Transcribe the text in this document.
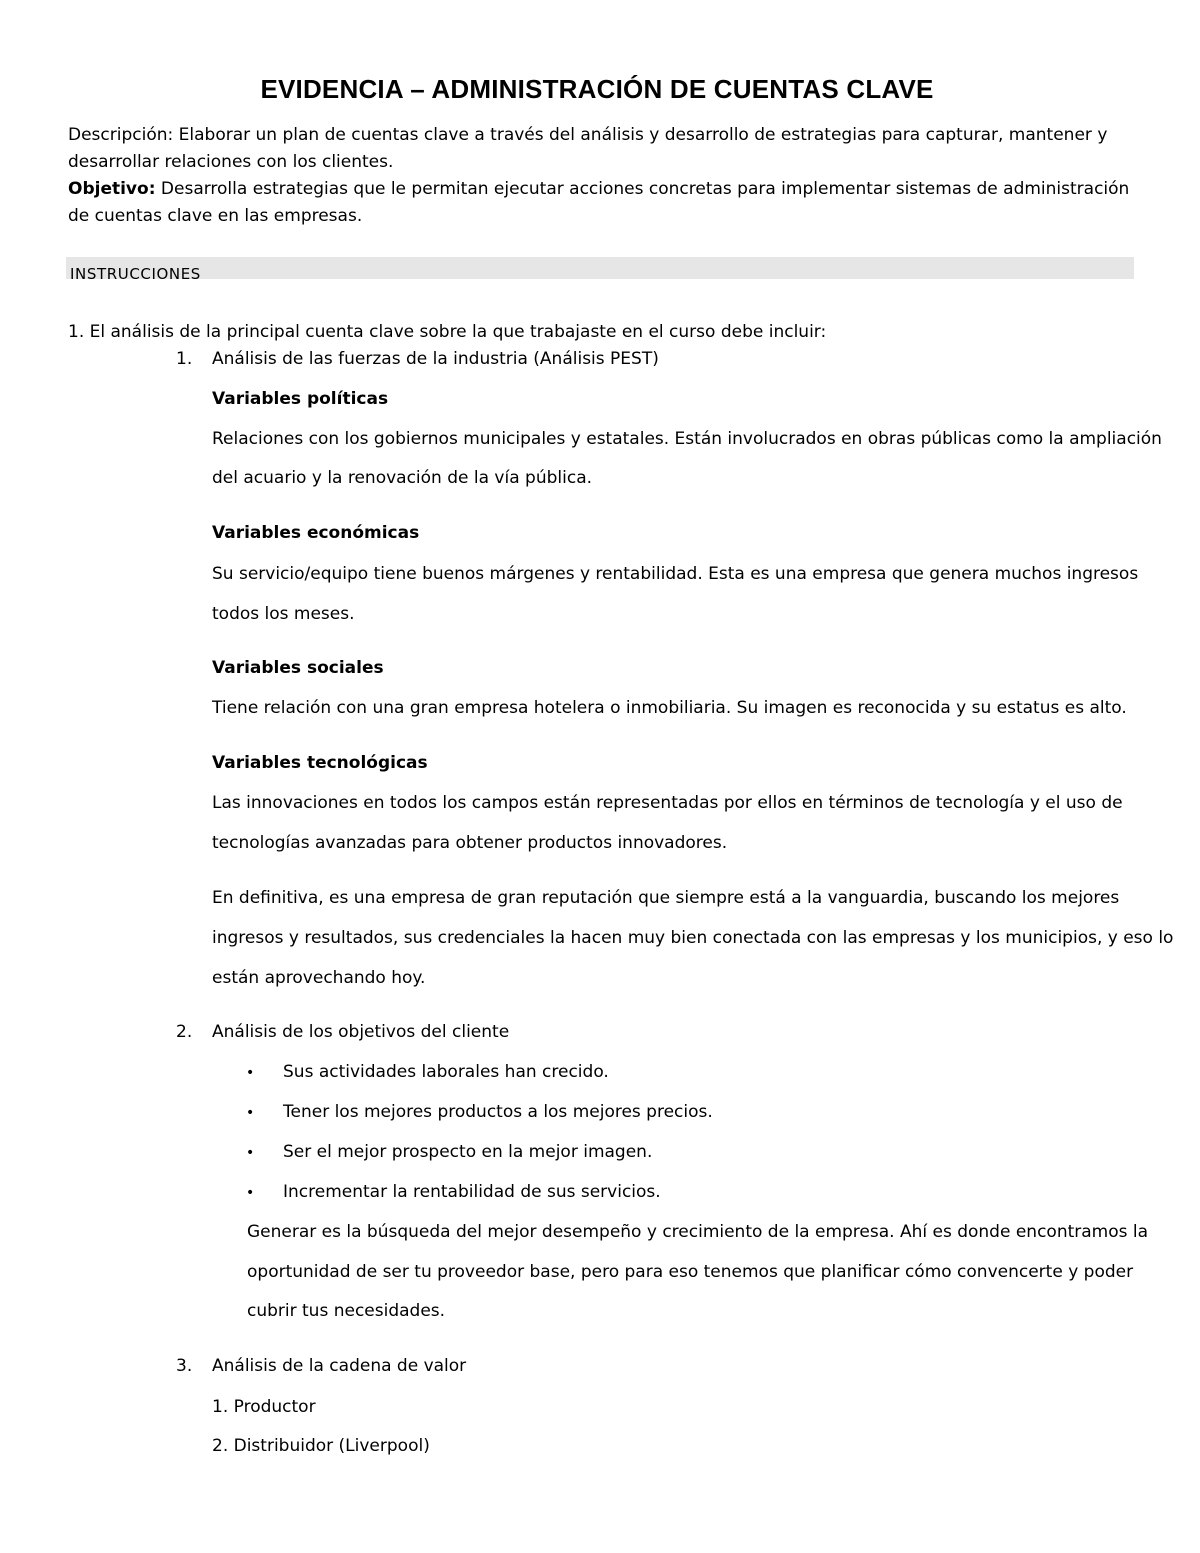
EVIDENCIA – ADMINISTRACIÓN DE CUENTAS CLAVE
Descripción: Elaborar un plan de cuentas clave a través del análisis y desarrollo de estrategias para capturar, mantener y
desarrollar relaciones con los clientes.
Objetivo: Desarrolla estrategias que le permitan ejecutar acciones concretas para implementar sistemas de administración
de cuentas clave en las empresas.
INSTRUCCIONES
1. El análisis de la principal cuenta clave sobre la que trabajaste en el curso debe incluir:
1. Análisis de las fuerzas de la industria (Análisis PEST)
Variables políticas
Relaciones con los gobiernos municipales y estatales. Están involucrados en obras públicas como la ampliación
del acuario y la renovación de la vía pública.
Variables económicas
Su servicio/equipo tiene buenos márgenes y rentabilidad. Esta es una empresa que genera muchos ingresos
todos los meses.
Variables sociales
Tiene relación con una gran empresa hotelera o inmobiliaria. Su imagen es reconocida y su estatus es alto.
Variables tecnológicas
Las innovaciones en todos los campos están representadas por ellos en términos de tecnología y el uso de
tecnologías avanzadas para obtener productos innovadores.
En definitiva, es una empresa de gran reputación que siempre está a la vanguardia, buscando los mejores
ingresos y resultados, sus credenciales la hacen muy bien conectada con las empresas y los municipios, y eso lo
están aprovechando hoy.
2. Análisis de los objetivos del cliente
• Sus actividades laborales han crecido.
• Tener los mejores productos a los mejores precios.
• Ser el mejor prospecto en la mejor imagen.
• Incrementar la rentabilidad de sus servicios.
Generar es la búsqueda del mejor desempeño y crecimiento de la empresa. Ahí es donde encontramos la
oportunidad de ser tu proveedor base, pero para eso tenemos que planificar cómo convencerte y poder
cubrir tus necesidades.
3. Análisis de la cadena de valor
1. Productor
2. Distribuidor (Liverpool)
